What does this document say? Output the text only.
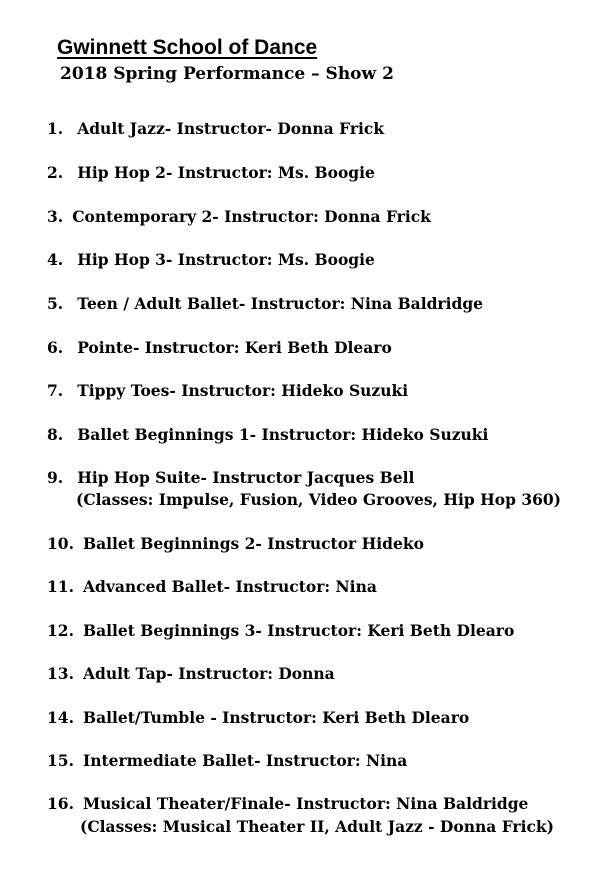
Gwinnett School of Dance
2018 Spring Performance – Show 2
1. Adult Jazz- Instructor- Donna Frick
2. Hip Hop 2- Instructor: Ms. Boogie
3. Contemporary 2- Instructor: Donna Frick
4. Hip Hop 3- Instructor: Ms. Boogie
5. Teen / Adult Ballet- Instructor: Nina Baldridge
6. Pointe- Instructor: Keri Beth Dlearo
7. Tippy Toes- Instructor: Hideko Suzuki
8. Ballet Beginnings 1- Instructor: Hideko Suzuki
9. Hip Hop Suite- Instructor Jacques Bell
(Classes: Impulse, Fusion, Video Grooves, Hip Hop 360)
10. Ballet Beginnings 2- Instructor Hideko
11. Advanced Ballet- Instructor: Nina
12. Ballet Beginnings 3- Instructor: Keri Beth Dlearo
13. Adult Tap- Instructor: Donna
14. Ballet/Tumble - Instructor: Keri Beth Dlearo
15. Intermediate Ballet- Instructor: Nina
16. Musical Theater/Finale- Instructor: Nina Baldridge
(Classes: Musical Theater II, Adult Jazz - Donna Frick)
